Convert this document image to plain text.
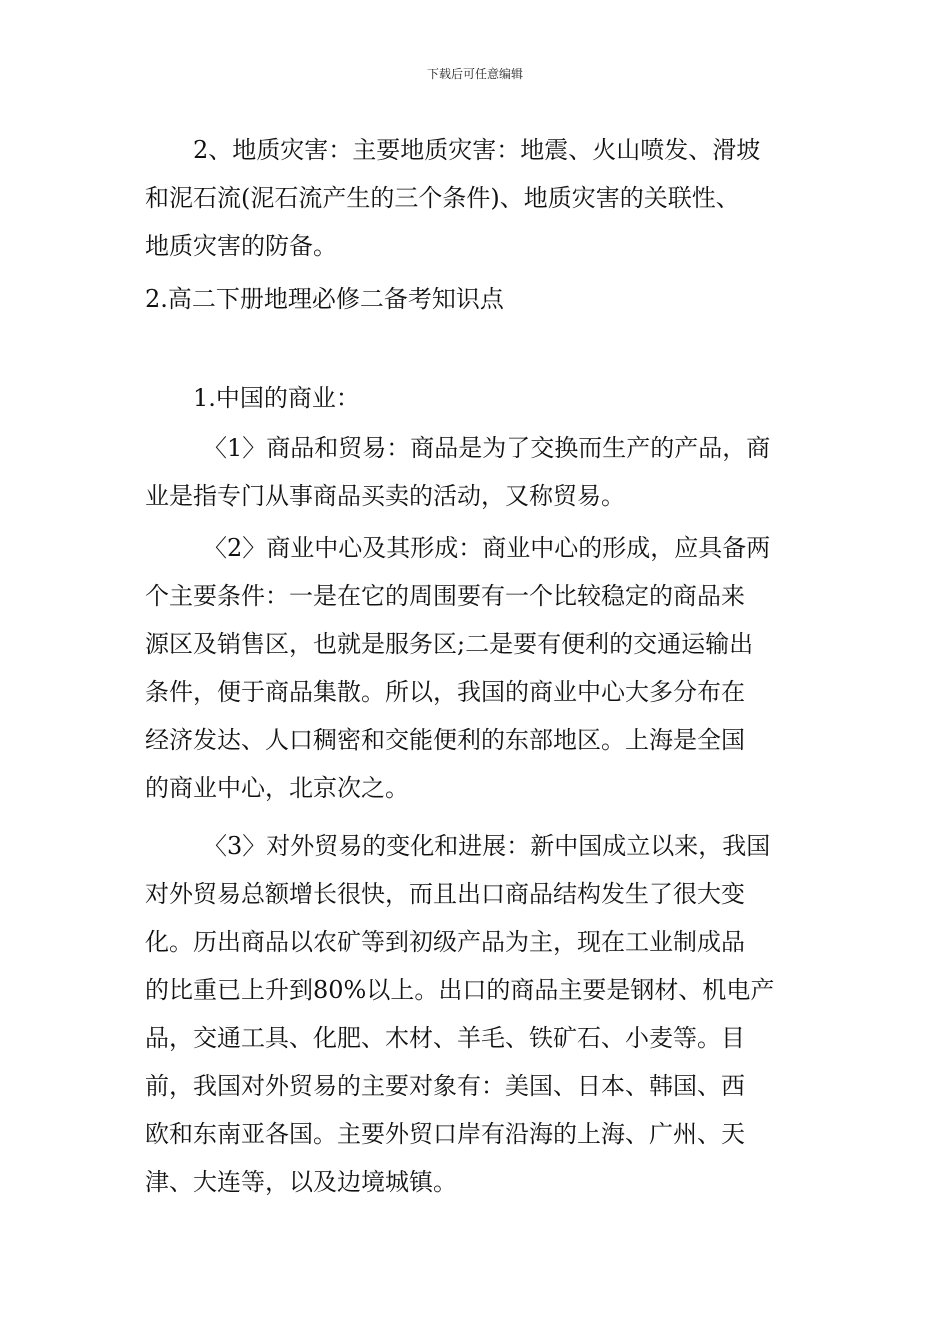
下载后可任意编辑
2、地质灾害：主要地质灾害：地震、火山喷发、滑坡
和泥石流(泥石流产生的三个条件)、地质灾害的关联性、
地质灾害的防备。
2.高二下册地理必修二备考知识点
1.中国的商业：
〈1〉商品和贸易：商品是为了交换而生产的产品，商
业是指专门从事商品买卖的活动，又称贸易。
〈2〉商业中心及其形成：商业中心的形成，应具备两
个主要条件：一是在它的周围要有一个比较稳定的商品来
源区及销售区，也就是服务区;二是要有便利的交通运输出
条件，便于商品集散。所以，我国的商业中心大多分布在
经济发达、人口稠密和交能便利的东部地区。上海是全国
的商业中心，北京次之。
〈3〉对外贸易的变化和进展：新中国成立以来，我国
对外贸易总额增长很快，而且出口商品结构发生了很大变
化。历出商品以农矿等到初级产品为主，现在工业制成品
的比重已上升到80%以上。出口的商品主要是钢材、机电产
品，交通工具、化肥、木材、羊毛、铁矿石、小麦等。目
前，我国对外贸易的主要对象有：美国、日本、韩国、西
欧和东南亚各国。主要外贸口岸有沿海的上海、广州、天
津、大连等，以及边境城镇。
